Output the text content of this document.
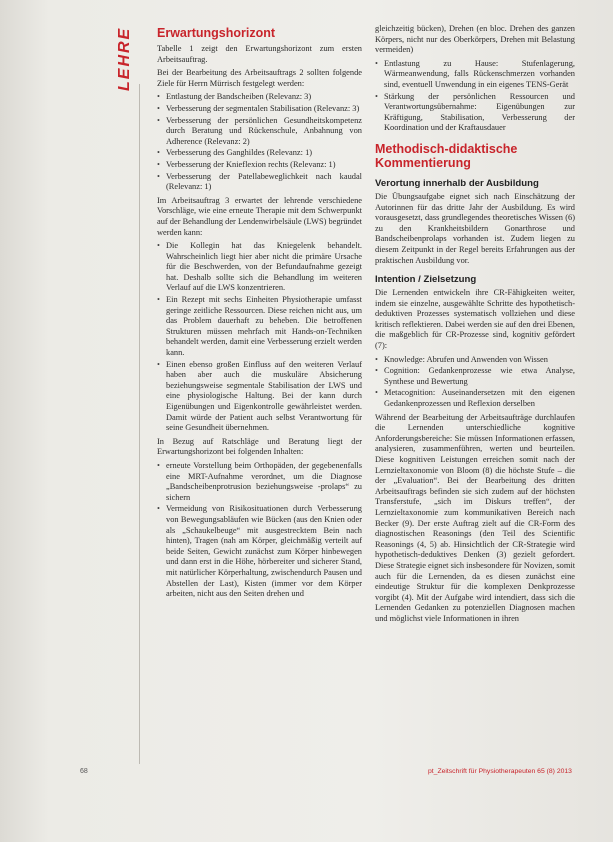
LEHRE Erwartungshorizont

Tabelle 1 zeigt den Erwartungshorizont zum ersten Arbeitsauftrag.

Bei der Bearbeitung des Arbeitsauftrags 2 sollten folgende Ziele für Herrn Mürrisch festgelegt werden:

• Entlastung der Bandscheiben (Relevanz: 3)
• Verbesserung der segmentalen Stabilisation (Relevanz: 3)
• Verbesserung der persönlichen Gesundheitskompetenz durch Beratung und Rückenschule, Anbahnung von Adherence (Relevanz: 2)
• Verbesserung des Ganghildes (Relevanz: 1)
• Verbesserung der Knieflexion rechts (Relevanz: 1)
• Verbesserung der Patellabeweglichkeit nach kaudal (Relevanz: 1)

Im Arbeitsauftrag 3 erwartet der lehrende verschiedene Vorschläge, wie eine erneute Therapie mit dem Schwerpunkt auf der Behandlung der Lendenwirbelsäule (LWS) begründet werden kann:

• Die Kollegin hat das Kniegelenk behandelt. Wahrscheinlich liegt hier aber nicht die primäre Ursache für die Beschwerden, von der Befundaufnahme gezeigt hat. Deshalb sollte sich die Behandlung im weiteren Verlauf auf die LWS konzentrieren.
• Ein Rezept mit sechs Einheiten Physiotherapie umfasst geringe zeitliche Ressourcen. Diese reichen nicht aus, um das Problem dauerhaft zu beheben. Die betroffenen Strukturen müssen mehrfach mit Hands-on-Techniken behandelt werden, damit eine Verbesserung erzielt werden kann.
• Einen ebenso großen Einfluss auf den weiteren Verlauf haben aber auch die muskuläre Absicherung beziehungsweise segmentale Stabilisation der LWS und eine physiologische Haltung. Bei der kann durch Eigenübungen und Eigenkontrolle gewährleistet werden. Damit würde der Patient auch selbst Verantwortung für seine Gesundheit übernehmen.

In Bezug auf Ratschläge und Beratung liegt der Erwartungshorizont bei folgenden Inhalten:

• erneute Vorstellung beim Orthopäden, der gegebenenfalls eine MRT-Aufnahme verordnet, um die Diagnose „Bandscheibenprotrusion beziehungsweise -prolaps“ zu sichern
• Vermeidung von Risikosituationen durch Verbesserung von Bewegungsabläufen wie Bücken (aus den Knien oder als „Schaukelbeuge“ mit ausgestrecktem Bein nach hinten), Tragen (nah am Körper, gleichmäßig verteilt auf beide Seiten, Gewicht zunächst zum Körper hinbewegen und dann erst in die Höhe, hörbereiter und sicherer Stand, mit natürlicher Körperhaltung, zwischendurch Pausen und Abstellen der Last), Kisten (immer vor dem Körper arbeiten, nicht aus den Seiten drehen und

gleichzeitig bücken), Drehen (en bloc. Drehen des ganzen Körpers, nicht nur des Oberkörpers, Drehen mit Belastung vermeiden)

• Entlastung zu Hause: Stufenlagerung, Wärmeanwendung, falls Rückenschmerzen vorhanden sind, eventuell Unwendung in ein eigenes TENS-Gerät
• Stärkung der persönlichen Ressourcen und Verantwortungsübernahme: Eigenübungen zur Kräftigung, Stabilisation, Verbesserung der Koordination und der Kraftausdauer
Methodisch-didaktische Kommentierung
Verortung innerhalb der Ausbildung

Die Übungsaufgabe eignet sich nach Einschätzung der Autorinnen für das dritte Jahr der Ausbildung. Es wird vorausgesetzt, dass grundlegendes theoretisches Wissen (6) zu den Krankheitsbildern Gonarthrose und Bandscheibenprolaps vorhanden ist. Zudem liegen zu diesem Zeitpunkt in der Regel bereits Erfahrungen aus der praktischen Ausbildung vor.

Intention / Zielsetzung

Die Lernenden entwickeln ihre CR-Fähigkeiten weiter, indem sie einzelne, ausgewählte Schritte des hypothetisch-deduktiven Prozesses systematisch vollziehen und diese kritisch reflektieren. Dabei werden sie auf den drei Ebenen, die maßgeblich für CR-Prozesse sind, kognitiv gefördert (7):

• Knowledge: Abrufen und Anwenden von Wissen
• Cognition: Gedankenprozesse wie etwa Analyse, Synthese und Bewertung
• Metacognition: Auseinandersetzen mit den eigenen Gedankenprozessen und Reflexion derselben

Während der Bearbeitung der Arbeitsaufträge durchlaufen die Lernenden unterschiedliche kognitive Anforderungsbereiche: Sie müssen Informationen erfassen, analysieren, zusammenführen, werten und beurteilen. Diese kognitiven Leistungen erreichen somit nach der Lernzieltaxonomie von Bloom (8) die höchste Stufe – die der „Evaluation“. Bei der Bearbeitung des dritten Arbeitsauftrags befinden sie sich zudem auf der höchsten Transferstufe, „sich im Diskurs treffen“, der Lernzieltaxonomie zum kommunikativen Bereich nach Becker (9). Der erste Auftrag zielt auf die CR-Form des diagnostischen Reasonings (den Teil des Scientific Reasonings (4, 5) ab. Hinsichtlich der CR-Strategie wird hypothetisch-deduktives Denken (3) gezielt gefordert. Diese Strategie eignet sich insbesondere für Novizen, somit auch für die Lernenden, da es diesen zunächst eine eindeutige Struktur für die komplexen Denkprozesse vorgibt (4). Mit der Aufgabe wird intendiert, dass sich die Lernenden Gedanken zu potenziellen Diagnosen machen und möglichst viele Informationen in ihren

68	pt_Zeitschrift für Physiotherapeuten 65 (8) 2013
